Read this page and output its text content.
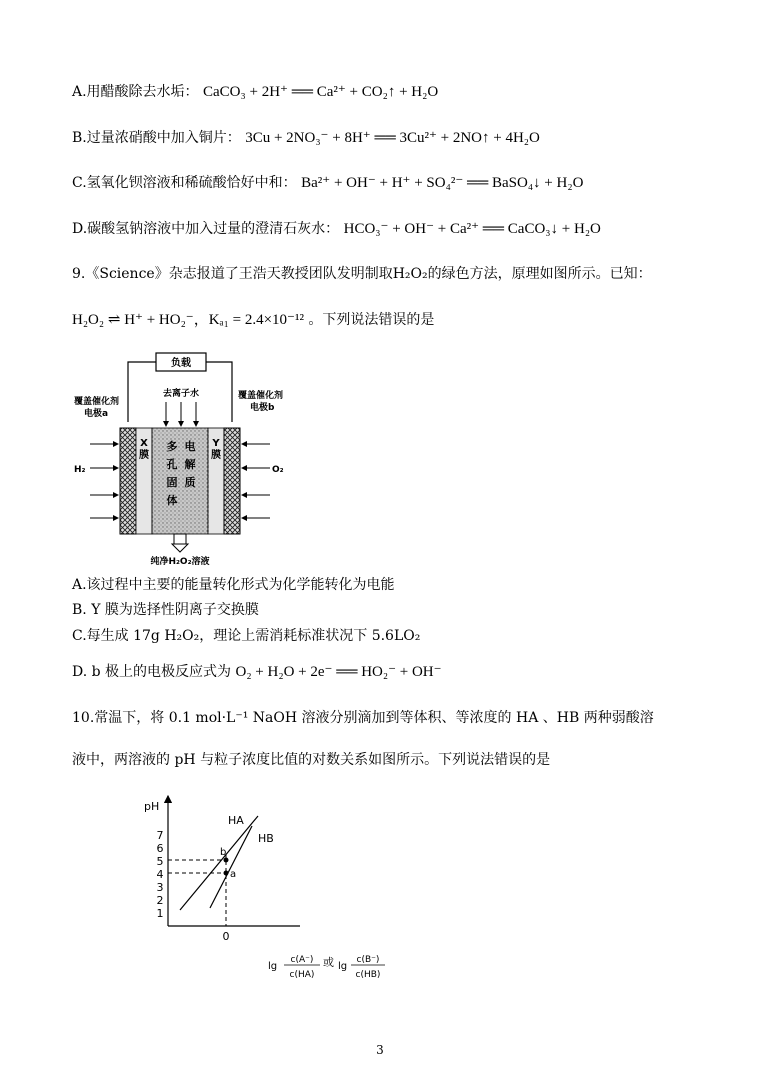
A.用醋酸除去水垢： CaCO₃ + 2H⁺ ══ Ca²⁺ + CO₂↑ + H₂O
B.过量浓硝酸中加入铜片： 3Cu + 2NO₃⁻ + 8H⁺ ══ 3Cu²⁺ + 2NO↑ + 4H₂O
C.氢氧化钡溶液和稀硫酸恰好中和： Ba²⁺ + OH⁻ + H⁺ + SO₄²⁻ ══ BaSO₄↓ + H₂O
D.碳酸氢钠溶液中加入过量的澄清石灰水： HCO₃⁻ + OH⁻ + Ca²⁺ ══ CaCO₃↓ + H₂O
9.《Science》杂志报道了王浩天教授团队发明制取H₂O₂的绿色方法，原理如图所示。已知：
H₂O₂ ⇌ H⁺ + HO₂⁻，Kₐ₁ = 2.4×10⁻¹² 。下列说法错误的是
负载
去离子水
覆盖催化剂
电极a
覆盖催化剂
电极b
X 膜
Y 膜
多孔固体电解质
H₂	O₂
纯净H₂O₂溶液
A.该过程中主要的能量转化形式为化学能转化为电能
B. Y 膜为选择性阴离子交换膜
C.每生成 17g H₂O₂，理论上需消耗标准状况下 5.6LO₂
D. b 极上的电极反应式为 O₂ + H₂O + 2e⁻ ══ HO₂⁻ + OH⁻
10.常温下，将 0.1 mol·L⁻¹ NaOH 溶液分别滴加到等体积、等浓度的 HA 、HB 两种弱酸溶
液中，两溶液的 pH 与粒子浓度比值的对数关系如图所示。下列说法错误的是
pH
1
2
3
4
5
6
7
0
HA
HB
b
a
lg
c(A⁻)
c(HA)
或 lg
c(B⁻)
c(HB)
3
